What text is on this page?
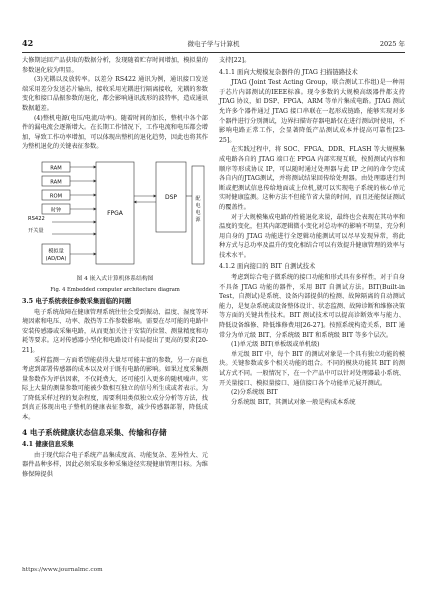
42	微电子学与计算机	2025 年

大修期运回产品获取的数据分析，发现随着贮存时间增加，模拟量的参数退化较为明显。

(3)光耦以及放转率。以差分 RS422 通讯为例，通讯接口发送端采用差分发送芯片输出，接收采用光耦进行隔离接收，光耦的参数变化和接口晶振参数的退化，都会影响通讯波形的波特率，造成通讯数据超差。

(4)整机电源(电压/电流/功率)。随着时间的加长，整机中各个部件的漏电流会逐渐增大。在长期工作情况下，工作电流和电压都会增加，导致工作功率增加，可以体现出整机的退化趋势，因此也将其作为整机退化的关键表征参数。

RAM
RAM
ROM
时钟
RS422
开关量
模拟量
(AD/DA)
FPGA
DSP	配
电
电
源
图 4 嵌入式计算机体系结构图
Fig. 4 Embedded computer architecture diagram
3.5 电子系统表征参数采集面临的问题

电子系统故障在健康管理系统往往会受到振动、温度、湿度等环境因素和电压、功率、散热等工作参数影响。需要在尽可能的电路中安装传感器或采集电路，从而更加关注于安装的位置、测量精度和功耗等要求。这对传感器小型化和电路设计有局提出了更高的要求[20-21]。

采样监测一方面希望能获得大量尽可能丰富的参数，另一方面也考虑到部署传感器的成本以及对于既有电路的影响。如果过度采集测量参数作为评估因素，不仅耗费大，还可能引入更多的随机噪声。实际上大量的测量参数可能被少数相互独立的信号所生成或者表示。为了降低采样过程的复杂程度，需要利用类似独立成分分析等方法，找到真正体现出电子整机的健康表征参数，减少传感器部署，降低成本。

4 电子系统健康状态信息采集、传输和存储
4.1 健康信息采集

由于现代综合电子系统产品集成度高、功能复杂、差异性大、元器件品种多样，因此必须采取多种采集途径实现健康管理目标。为维修保障提供

支持[22]。

4.1.1 面向大规模复杂器件的 JTAG 扫描链路技术

JTAG (Joint Test Acting Group，联合测试工作组)是一种用于芯片内部测试的IEEE标准。现今多数的大规模高级器件都支持 JTAG 协议，如 DSP、FPGA、ARM 等单片集成电路。JTAG 测试允许多个器件通过 JTAG 接口串联在一起形成链路，能够实现对多个器件进行分别测试，边界扫描寄存器电路仅在进行测试时使用，不影响电路正常工作，会显著降低产品测试成本并提高可靠性[23-25]。

在实践过程中，将 SOC、FPGA、DDR、FLASH 等大规模集成电路各自的 JTAG 端口在 FPGA 内部实现互联，按照测试内容和顺序等形成协议 IP，可以随时通过处理器与此 IP 之间的命令完成各自内的JTAG测试，并将测试结果回传给处理器。由处理器进行判断或把测试信息传给地面或上位机,就可以实现电子系统的核心单元实时健康监测。这种方法不但能节省大量的时间，而且还能保证测试的覆盖性。

对于大规模集成电路的性能退化来说，最终也会表现在其功率和温度的变化，但其内部逻辑微小变化对总功率的影响不明显，充分利用自身的 JTAG 功能进行全逻辑功能测试可以尽早发现异常，将此种方式与总功率及温升的变化相结合可以有效提升健康管理的效率与技术水平。

4.1.2 面向接口的 BIT 自测试技术

考虑到综合电子微系统的接口功能和形式具有多样性，对于自身不具备 JTAG 功能的器件，采用 BIT 自测试方法。BIT(Built-in Test，自测试)是系统、设备内部提供的检测、故障隔离的自动测试能力，是复杂系统或设备整体设计、状态监测、故障诊断和维修决策等方面的关键共性技术。BIT 测试技术可以提高诊断效率与能力、降低设备维修、降低维修费用[26-27]。按照系统构造关系，BIT 通常分为单元级 BIT、分系统级 BIT 和系统级 BIT 等多个层次。

(1)单元级 BIT(单板级或单机级)

单元级 BIT 中，每个 BIT 的测试对象是一个具有独立功能的模块。关键参数或多个相关功能的组合。不同的模块功能其 BIT 的测试方式不同。一般情况下，在一个产品中可以针对处理器最小系统、开关量接口、模拟量接口、通信接口各个功能单元展开测试。

(2)分系统级 BIT

分系统级 BIT，其测试对象一般是构成本系统

https://www.journalmc.com
